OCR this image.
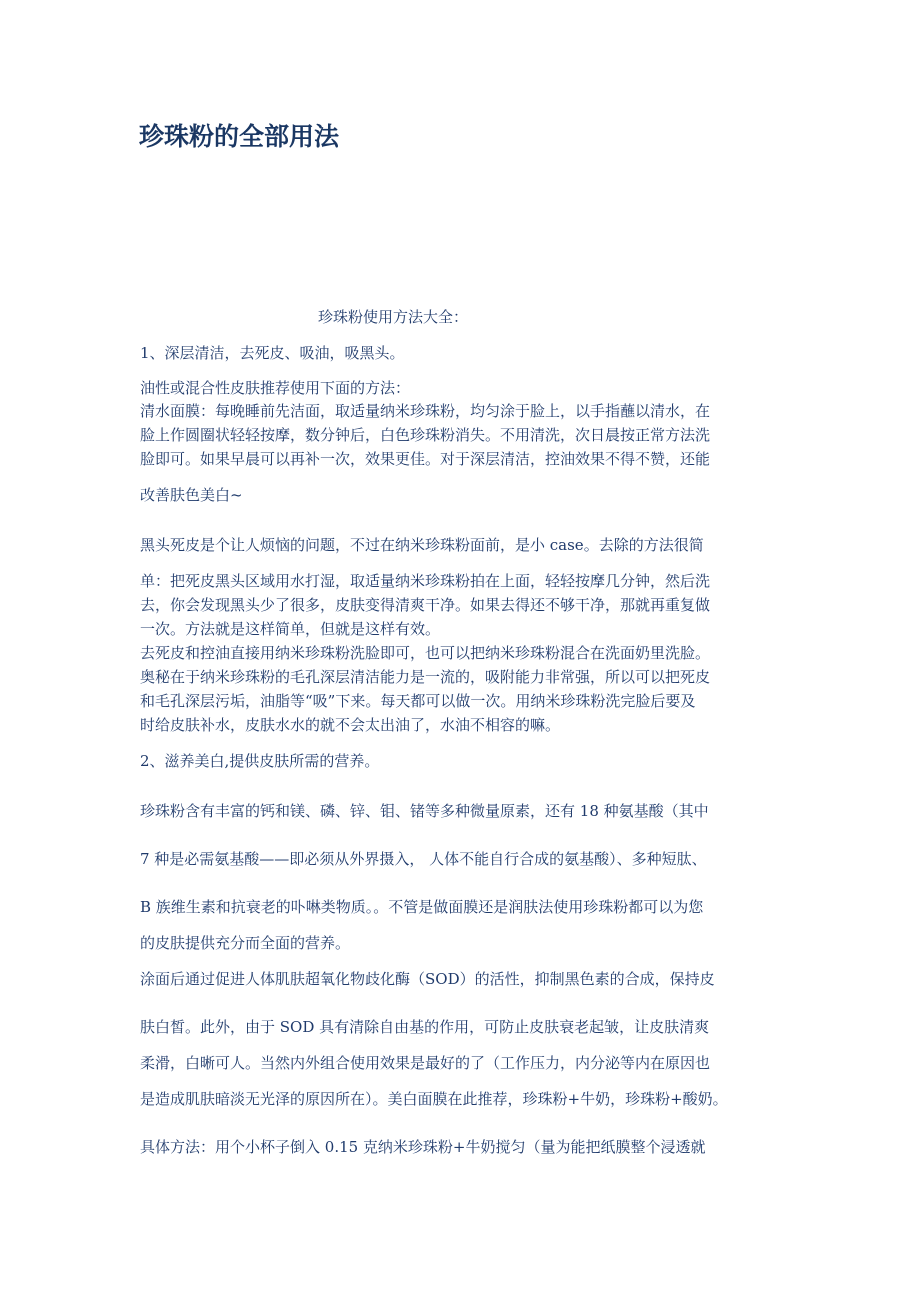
珍珠粉的全部用法
珍珠粉使用方法大全：
1、深层清洁，去死皮、吸油，吸黑头。
油性或混合性皮肤推荐使用下面的方法：
清水面膜：每晚睡前先洁面，取适量纳米珍珠粉，均匀涂于脸上，以手指蘸以清水，在
脸上作圆圈状轻轻按摩，数分钟后，白色珍珠粉消失。不用清洗，次日晨按正常方法洗
脸即可。如果早晨可以再补一次，效果更佳。对于深层清洁，控油效果不得不赞，还能
改善肤色美白~
黑头死皮是个让人烦恼的问题，不过在纳米珍珠粉面前，是小 case。去除的方法很简
单：把死皮黑头区域用水打湿，取适量纳米珍珠粉拍在上面，轻轻按摩几分钟，然后洗
去，你会发现黑头少了很多，皮肤变得清爽干净。如果去得还不够干净，那就再重复做
一次。方法就是这样简单，但就是这样有效。
去死皮和控油直接用纳米珍珠粉洗脸即可，也可以把纳米珍珠粉混合在洗面奶里洗脸。
奥秘在于纳米珍珠粉的毛孔深层清洁能力是一流的，吸附能力非常强，所以可以把死皮
和毛孔深层污垢，油脂等“吸”下来。每天都可以做一次。用纳米珍珠粉洗完脸后要及
时给皮肤补水，皮肤水水的就不会太出油了，水油不相容的嘛。
2、滋养美白,提供皮肤所需的营养。
珍珠粉含有丰富的钙和镁、磷、锌、钼、锗等多种微量原素，还有 18 种氨基酸（其中
7 种是必需氨基酸——即必须从外界摄入， 人体不能自行合成的氨基酸）、多种短肽、
B 族维生素和抗衰老的卟啉类物质。。不管是做面膜还是润肤法使用珍珠粉都可以为您
的皮肤提供充分而全面的营养。
涂面后通过促进人体肌肤超氧化物歧化酶（SOD）的活性，抑制黑色素的合成，保持皮
肤白皙。此外，由于 SOD 具有清除自由基的作用，可防止皮肤衰老起皱，让皮肤清爽
柔滑，白晰可人。当然内外组合使用效果是最好的了（工作压力，内分泌等内在原因也
是造成肌肤暗淡无光泽的原因所在）。美白面膜在此推荐，珍珠粉+牛奶，珍珠粉+酸奶。
具体方法：用个小杯子倒入 0.15 克纳米珍珠粉+牛奶搅匀（量为能把纸膜整个浸透就
